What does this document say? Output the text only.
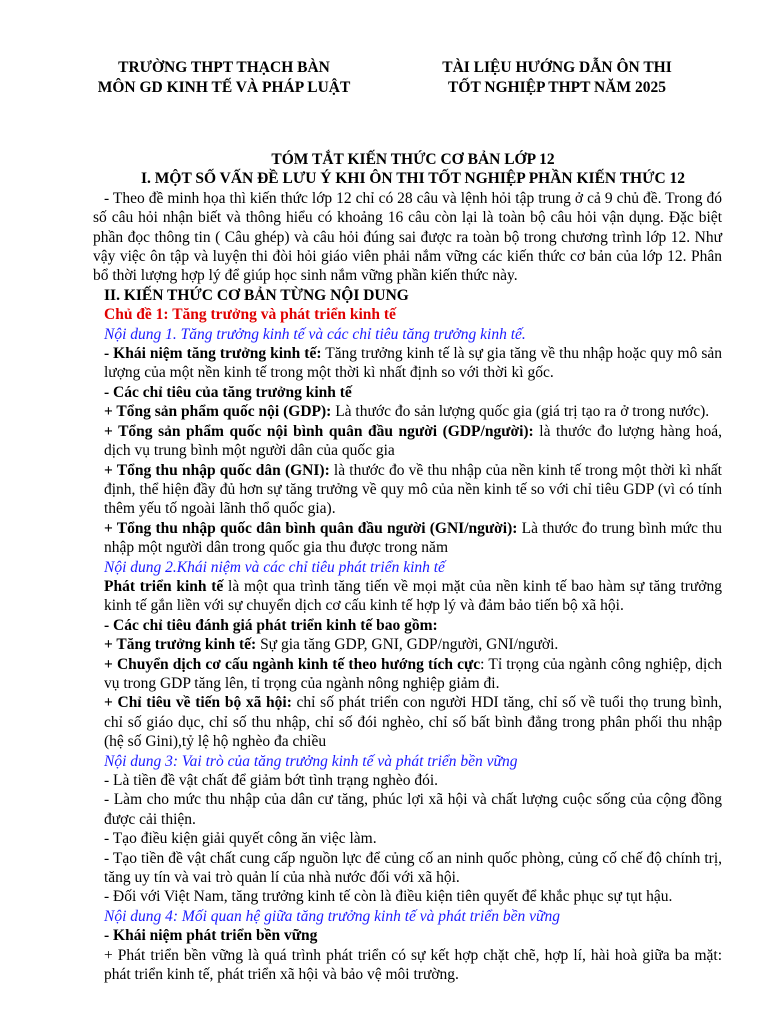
TRƯỜNG THPT THẠCH BÀN
MÔN GD KINH TẾ VÀ PHÁP LUẬT
TÀI LIỆU HƯỚNG DẪN ÔN THI
TỐT NGHIỆP THPT NĂM 2025

TÓM TẮT KIẾN THỨC CƠ BẢN LỚP 12

I. MỘT SỐ VẤN ĐỀ LƯU Ý KHI ÔN THI TỐT NGHIỆP PHẦN KIẾN THỨC 12

- Theo đề minh họa thì kiến thức lớp 12 chỉ có 28 câu và lệnh hỏi tập trung ở cả 9 chủ đề. Trong đó số câu hỏi nhận biết và thông hiểu có khoảng 16 câu còn lại là toàn bộ câu hỏi vận dụng. Đặc biệt phần đọc thông tin ( Câu ghép) và câu hỏi đúng sai được ra toàn bộ trong chương trình lớp 12. Như vậy việc ôn tập và luyện thi đòi hỏi giáo viên phải nắm vững các kiến thức cơ bản của lớp 12. Phân bổ thời lượng hợp lý để giúp học sinh nắm vững phần kiến thức này.

II. KIẾN THỨC CƠ BẢN TỪNG NỘI DUNG

Chủ đề 1: Tăng trưởng và phát triển kinh tế

Nội dung 1. Tăng trưởng kinh tế và các chỉ tiêu tăng trưởng kinh tế.

- Khái niệm tăng trưởng kinh tế: Tăng trưởng kinh tế là sự gia tăng về thu nhập hoặc quy mô sản lượng của một nền kinh tế trong một thời kì nhất định so với thời kì gốc.

- Các chỉ tiêu của tăng trưởng kinh tế

+ Tổng sản phẩm quốc nội (GDP): Là thước đo sản lượng quốc gia (giá trị tạo ra ở trong nước).

+ Tổng sản phẩm quốc nội bình quân đầu người (GDP/người): là thước đo lượng hàng hoá, dịch vụ trung bình một người dân của quốc gia

+ Tổng thu nhập quốc dân (GNI): là thước đo về thu nhập của nền kinh tế trong một thời kì nhất định, thể hiện đầy đủ hơn sự tăng trưởng về quy mô của nền kinh tế so với chỉ tiêu GDP (vì có tính thêm yếu tố ngoài lãnh thổ quốc gia).

+ Tổng thu nhập quốc dân bình quân đầu người (GNI/người): Là thước đo trung bình mức thu nhập một người dân trong quốc gia thu được trong năm

Nội dung 2.Khái niệm và các chỉ tiêu phát triển kinh tế

Phát triển kinh tế là một qua trình tăng tiến về mọi mặt của nền kinh tế bao hàm sự tăng trưởng kinh tế gắn liền với sự chuyển dịch cơ cấu kinh tế hợp lý và đảm bảo tiến bộ xã hội.

- Các chỉ tiêu đánh giá phát triển kinh tế bao gồm:

+ Tăng trưởng kinh tế: Sự gia tăng GDP, GNI, GDP/người, GNI/người.

+ Chuyển dịch cơ cấu ngành kinh tế theo hướng tích cực: Tỉ trọng của ngành công nghiệp, dịch vụ trong GDP tăng lên, tỉ trọng của ngành nông nghiệp giảm đi.

+ Chỉ tiêu về tiến bộ xã hội: chỉ số phát triển con người HDI tăng, chỉ số về tuổi thọ trung bình, chỉ số giáo dục, chỉ số thu nhập, chỉ số đói nghèo, chỉ số bất bình đẳng trong phân phối thu nhập (hệ số Gini),tỷ lệ hộ nghèo đa chiều

Nội dung 3: Vai trò của tăng trưởng kinh tế và phát triển bền vững

- Là tiền đề vật chất để giảm bớt tình trạng nghèo đói.

- Làm cho mức thu nhập của dân cư tăng, phúc lợi xã hội và chất lượng cuộc sống của cộng đồng được cải thiện.

- Tạo điều kiện giải quyết công ăn việc làm.

- Tạo tiền đề vật chất cung cấp nguồn lực để củng cố an ninh quốc phòng, củng cố chế độ chính trị, tăng uy tín và vai trò quản lí của nhà nước đối với xã hội.

- Đối với Việt Nam, tăng trưởng kinh tế còn là điều kiện tiên quyết để khắc phục sự tụt hậu.

Nội dung 4: Mối quan hệ giữa tăng trưởng kinh tế và phát triển bền vững

- Khái niệm phát triển bền vững

+ Phát triển bền vững là quá trình phát triển có sự kết hợp chặt chẽ, hợp lí, hài hoà giữa ba mặt: phát triển kinh tế, phát triển xã hội và bảo vệ môi trường.
